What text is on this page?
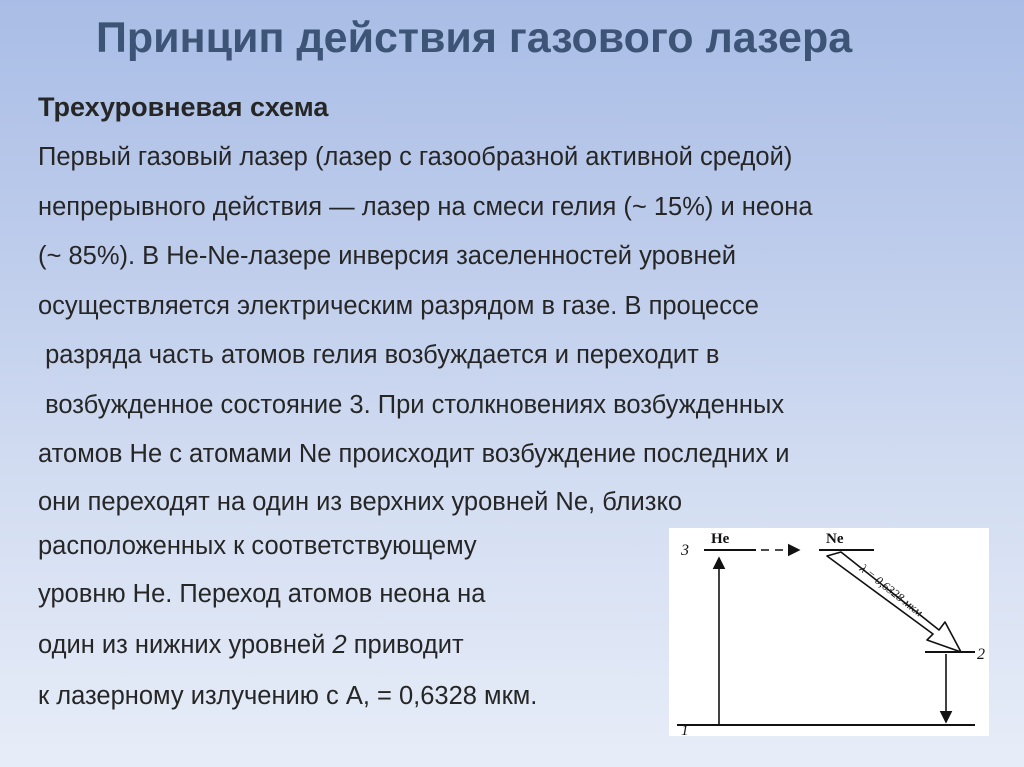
Принцип действия газового лазера
Трехуровневая схема
Первый газовый лазер (лазер с газообразной активной средой)
непрерывного действия — лазер на смеси гелия (~ 15%) и неона
(~ 85%). В He-Ne-лазере инверсия заселенностей уровней
осуществляется электрическим разрядом в газе. В процессе
разряда часть атомов гелия возбуждается и переходит в
возбужденное состояние 3. При столкновениях возбужденных
атомов He с атомами Ne происходит возбуждение последних и
они переходят на один из верхних уровней Ne, близко
расположенных к соответствующему
уровню He. Переход атомов неона на
один из нижних уровней 2 приводит
к лазерному излучению с А, = 0,6328 мкм.
3
He	Ne
λ = 0,6328 мкм
2
1
